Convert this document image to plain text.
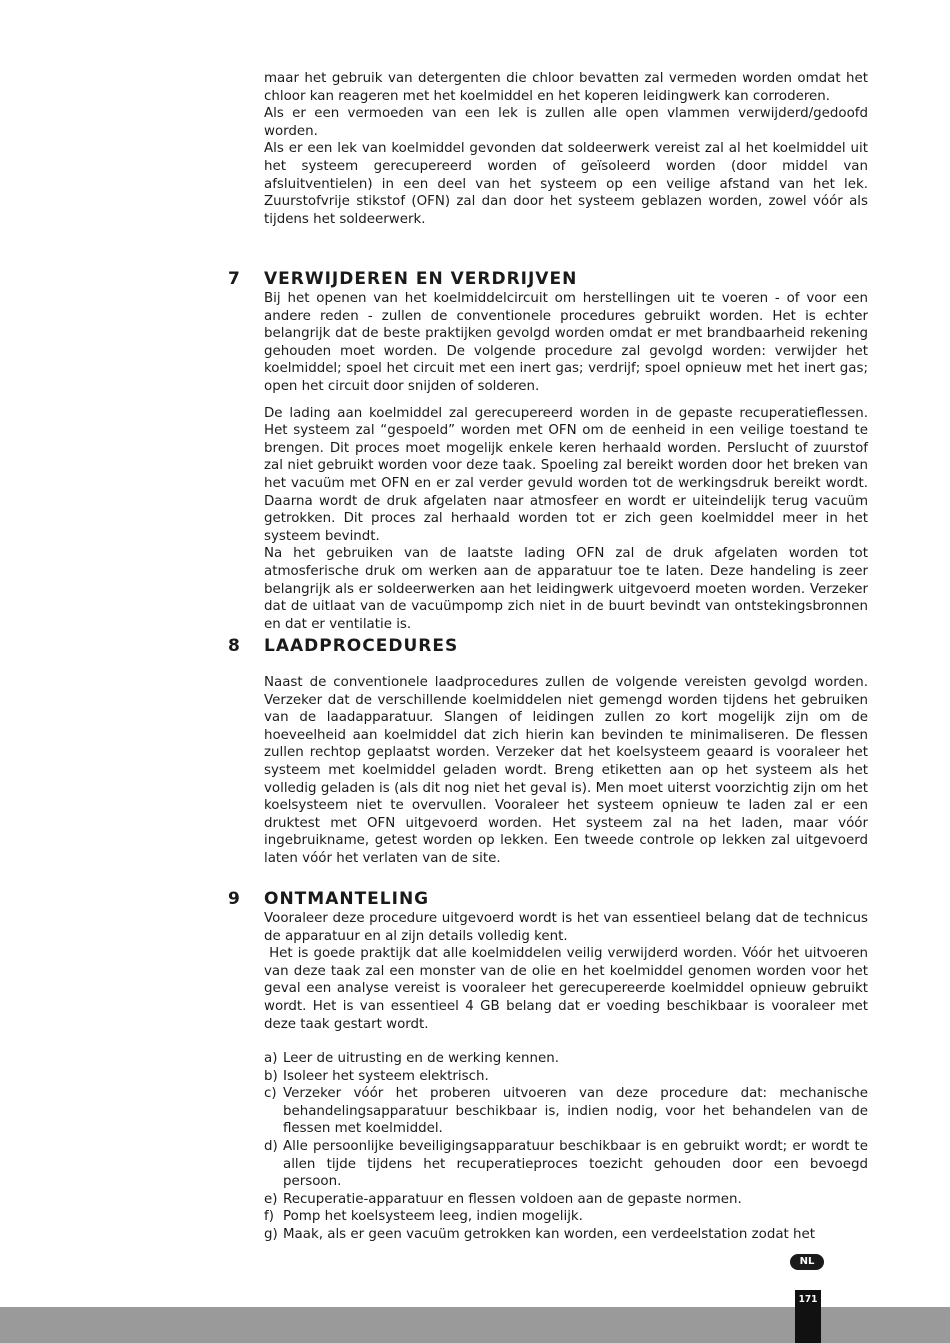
maar het gebruik van detergenten die chloor bevatten zal vermeden worden omdat het chloor kan reageren met het koelmiddel en het koperen leidingwerk kan corroderen.

Als er een vermoeden van een lek is zullen alle open vlammen verwijderd/gedoofd worden.

Als er een lek van koelmiddel gevonden dat soldeerwerk vereist zal al het koelmiddel uit het systeem gerecupereerd worden of geïsoleerd worden (door middel van afsluitventielen) in een deel van het systeem op een veilige afstand van het lek. Zuurstofvrije stikstof (OFN) zal dan door het systeem geblazen worden, zowel vóór als tijdens het soldeerwerk.

7	VERWIJDEREN EN VERDRIJVEN

Bij het openen van het koelmiddelcircuit om herstellingen uit te voeren - of voor een andere reden - zullen de conventionele procedures gebruikt worden. Het is echter belangrijk dat de beste praktijken gevolgd worden omdat er met brandbaarheid rekening gehouden moet worden. De volgende procedure zal gevolgd worden: verwijder het koelmiddel; spoel het circuit met een inert gas; verdrijf; spoel opnieuw met het inert gas; open het circuit door snijden of solderen.

De lading aan koelmiddel zal gerecupereerd worden in de gepaste recuperatieflessen. Het systeem zal “gespoeld” worden met OFN om de eenheid in een veilige toestand te brengen. Dit proces moet mogelijk enkele keren herhaald worden. Perslucht of zuurstof zal niet gebruikt worden voor deze taak. Spoeling zal bereikt worden door het breken van het vacuüm met OFN en er zal verder gevuld worden tot de werkingsdruk bereikt wordt. Daarna wordt de druk afgelaten naar atmosfeer en wordt er uiteindelijk terug vacuüm getrokken. Dit proces zal herhaald worden tot er zich geen koelmiddel meer in het systeem bevindt.

Na het gebruiken van de laatste lading OFN zal de druk afgelaten worden tot atmosferische druk om werken aan de apparatuur toe te laten. Deze handeling is zeer belangrijk als er soldeerwerken aan het leidingwerk uitgevoerd moeten worden. Verzeker dat de uitlaat van de vacuümpomp zich niet in de buurt bevindt van ontstekingsbronnen en dat er ventilatie is.

8	LAADPROCEDURES

Naast de conventionele laadprocedures zullen de volgende vereisten gevolgd worden. Verzeker dat de verschillende koelmiddelen niet gemengd worden tijdens het gebruiken van de laadapparatuur. Slangen of leidingen zullen zo kort mogelijk zijn om de hoeveelheid aan koelmiddel dat zich hierin kan bevinden te minimaliseren. De flessen zullen rechtop geplaatst worden. Verzeker dat het koelsysteem geaard is vooraleer het systeem met koelmiddel geladen wordt. Breng etiketten aan op het systeem als het volledig geladen is (als dit nog niet het geval is). Men moet uiterst voorzichtig zijn om het koelsysteem niet te overvullen. Vooraleer het systeem opnieuw te laden zal er een druktest met OFN uitgevoerd worden. Het systeem zal na het laden, maar vóór ingebruikname, getest worden op lekken. Een tweede controle op lekken zal uitgevoerd laten vóór het verlaten van de site.

9	ONTMANTELING

Vooraleer deze procedure uitgevoerd wordt is het van essentieel belang dat de technicus de apparatuur en al zijn details volledig kent.

Het is goede praktijk dat alle koelmiddelen veilig verwijderd worden. Vóór het uitvoeren van deze taak zal een monster van de olie en het koelmiddel genomen worden voor het geval een analyse vereist is vooraleer het gerecupereerde koelmiddel opnieuw gebruikt wordt. Het is van essentieel 4 GB belang dat er voeding beschikbaar is vooraleer met deze taak gestart wordt.

a) Leer de uitrusting en de werking kennen.
b) Isoleer het systeem elektrisch.
c) Verzeker vóór het proberen uitvoeren van deze procedure dat: mechanische behandelingsapparatuur beschikbaar is, indien nodig, voor het behandelen van de flessen met koelmiddel.
d) Alle persoonlijke beveiligingsapparatuur beschikbaar is en gebruikt wordt; er wordt te allen tijde tijdens het recuperatieproces toezicht gehouden door een bevoegd persoon.
e) Recuperatie-apparatuur en flessen voldoen aan de gepaste normen.
f) Pomp het koelsysteem leeg, indien mogelijk.
g) Maak, als er geen vacuüm getrokken kan worden, een verdeelstation zodat het
NL
171
